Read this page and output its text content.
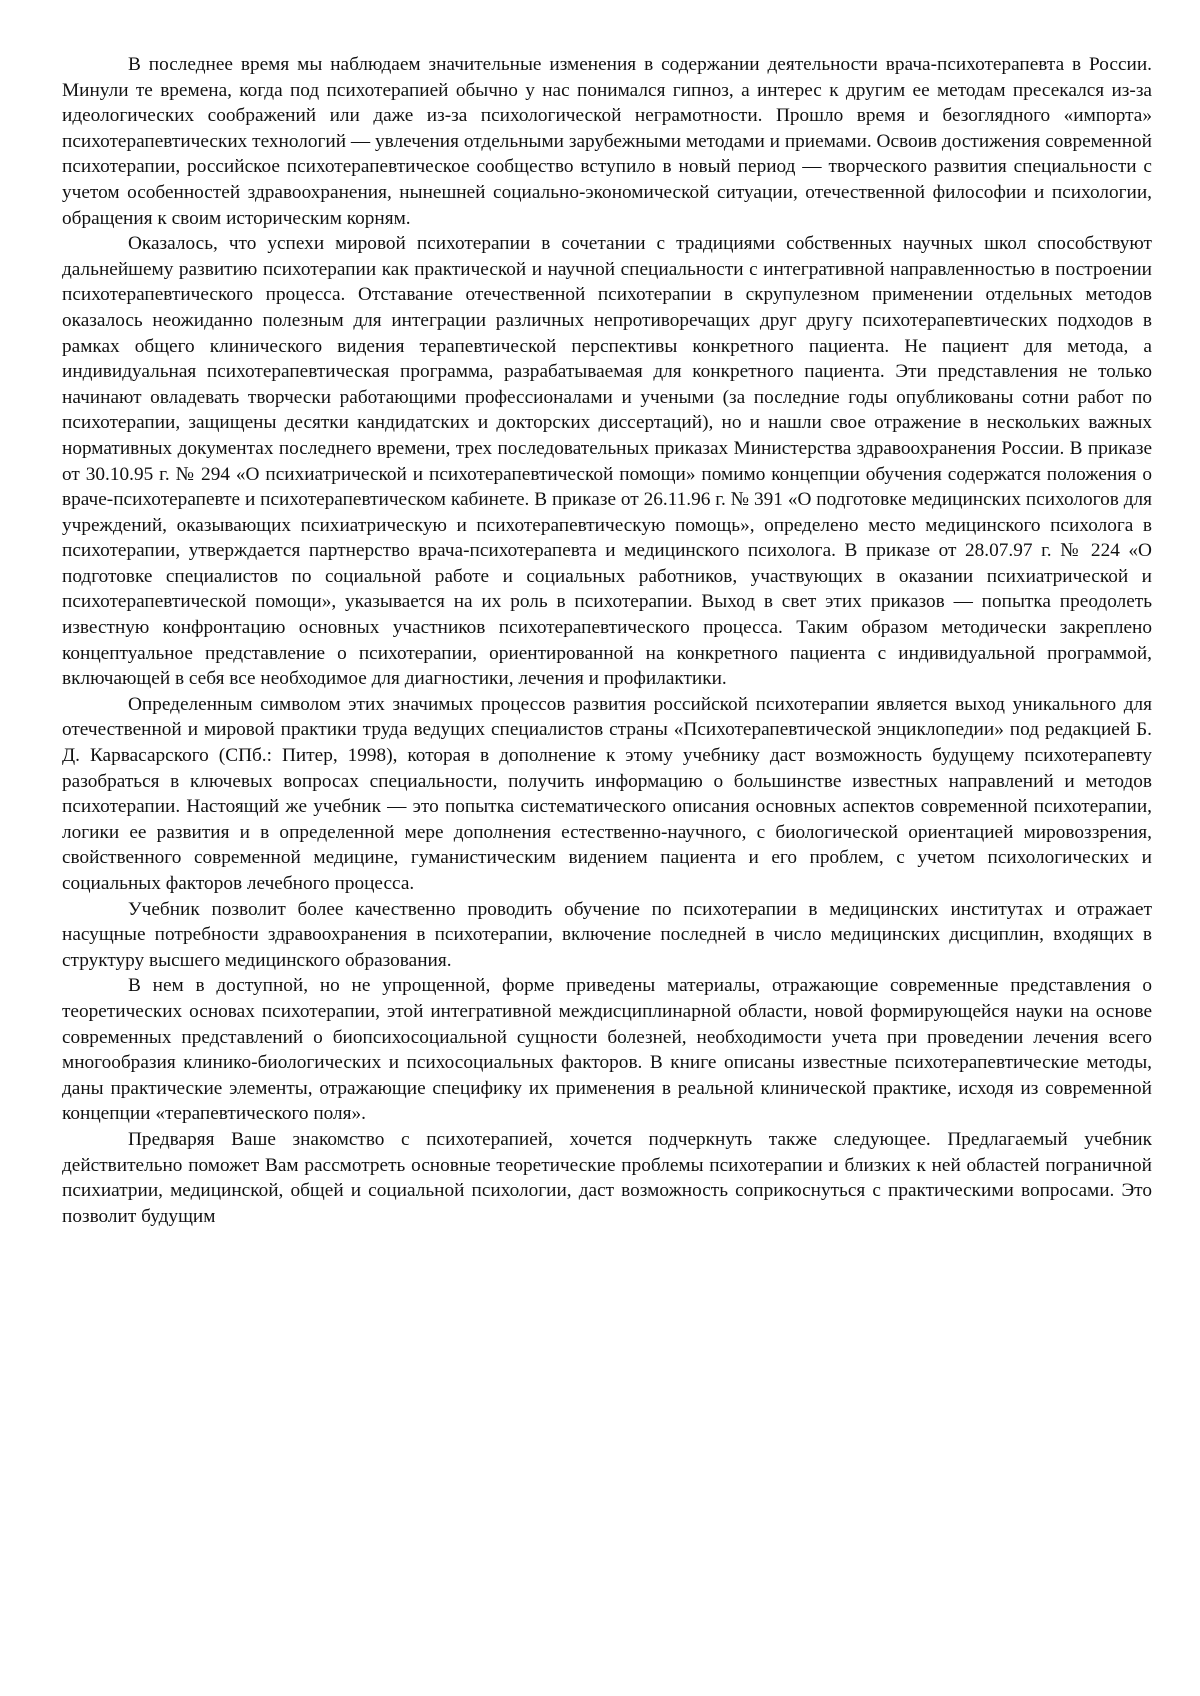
В последнее время мы наблюдаем значительные изменения в содержании деятельности врача-психотерапевта в России. Минули те времена, когда под психотерапией обычно у нас понимался гипноз, а интерес к другим ее методам пресекался из-за идеологических соображений или даже из-за психологической неграмотности. Прошло время и безоглядного «импорта» психотерапевтических технологий — увлечения отдельными зарубежными методами и приемами. Освоив достижения современной психотерапии, российское психотерапевтическое сообщество вступило в новый период — творческого развития специальности с учетом особенностей здравоохранения, нынешней социально-экономической ситуации, отечественной философии и психологии, обращения к своим историческим корням.

Оказалось, что успехи мировой психотерапии в сочетании с традициями собственных научных школ способствуют дальнейшему развитию психотерапии как практической и научной специальности с интегративной направленностью в построении психотерапевтического процесса. Отставание отечественной психотерапии в скрупулезном применении отдельных методов оказалось неожиданно полезным для интеграции различных непротиворечащих друг другу психотерапевтических подходов в рамках общего клинического видения терапевтической перспективы конкретного пациента. Не пациент для метода, а индивидуальная психотерапевтическая программа, разрабатываемая для конкретного пациента. Эти представления не только начинают овладевать творчески работающими профессионалами и учеными (за последние годы опубликованы сотни работ по психотерапии, защищены десятки кандидатских и докторских диссертаций), но и нашли свое отражение в нескольких важных нормативных документах последнего времени, трех последовательных приказах Министерства здравоохранения России. В приказе от 30.10.95 г. № 294 «О психиатрической и психотерапевтической помощи» помимо концепции обучения содержатся положения о враче-психотерапевте и психотерапевтическом кабинете. В приказе от 26.11.96 г. № 391 «О подготовке медицинских психологов для учреждений, оказывающих психиатрическую и психотерапевтическую помощь», определено место медицинского психолога в психотерапии, утверждается партнерство врача-психотерапевта и медицинского психолога. В приказе от 28.07.97 г. № 224 «О подготовке специалистов по социальной работе и социальных работников, участвующих в оказании психиатрической и психотерапевтической помощи», указывается на их роль в психотерапии. Выход в свет этих приказов — попытка преодолеть известную конфронтацию основных участников психотерапевтического процесса. Таким образом методически закреплено концептуальное представление о психотерапии, ориентированной на конкретного пациента с индивидуальной программой, включающей в себя все необходимое для диагностики, лечения и профилактики.

Определенным символом этих значимых процессов развития российской психотерапии является выход уникального для отечественной и мировой практики труда ведущих специалистов страны «Психотерапевтической энциклопедии» под редакцией Б. Д. Карвасарского (СПб.: Питер, 1998), которая в дополнение к этому учебнику даст возможность будущему психотерапевту разобраться в ключевых вопросах специальности, получить информацию о большинстве известных направлений и методов психотерапии. Настоящий же учебник — это попытка систематического описания основных аспектов современной психотерапии, логики ее развития и в определенной мере дополнения естественно-научного, с биологической ориентацией мировоззрения, свойственного современной медицине, гуманистическим видением пациента и его проблем, с учетом психологических и социальных факторов лечебного процесса.

Учебник позволит более качественно проводить обучение по психотерапии в медицинских институтах и отражает насущные потребности здравоохранения в психотерапии, включение последней в число медицинских дисциплин, входящих в структуру высшего медицинского образования.

В нем в доступной, но не упрощенной, форме приведены материалы, отражающие современные представления о теоретических основах психотерапии, этой интегративной междисциплинарной области, новой формирующейся науки на основе современных представлений о биопсихосоциальной сущности болезней, необходимости учета при проведении лечения всего многообразия клинико-биологических и психосоциальных факторов. В книге описаны известные психотерапевтические методы, даны практические элементы, отражающие специфику их применения в реальной клинической практике, исходя из современной концепции «терапевтического поля».

Предваряя Ваше знакомство с психотерапией, хочется подчеркнуть также следующее. Предлагаемый учебник действительно поможет Вам рассмотреть основные теоретические проблемы психотерапии и близких к ней областей пограничной психиатрии, медицинской, общей и социальной психологии, даст возможность соприкоснуться с практическими вопросами. Это позволит будущим
